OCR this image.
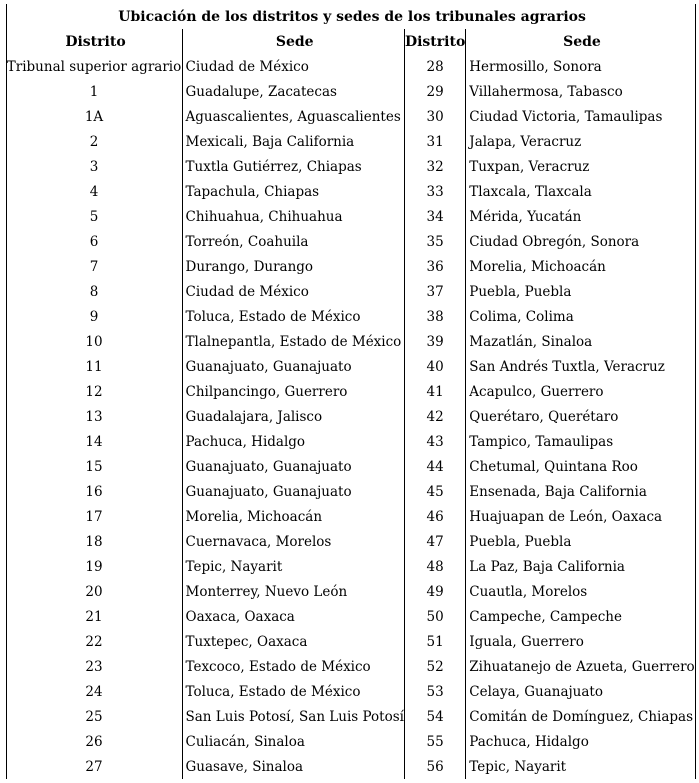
	Ubicación de los distritos y sedes de los tribunales agrarios			
	Distrito	Sede	Distrito	Sede
	Tribunal superior agrario	Ciudad de México	28	Hermosillo, Sonora
	1	Guadalupe, Zacatecas	29	Villahermosa, Tabasco
	1A	Aguascalientes, Aguascalientes	30	Ciudad Victoria, Tamaulipas
	2	Mexicali, Baja California	31	Jalapa, Veracruz
	3	Tuxtla Gutiérrez, Chiapas	32	Tuxpan, Veracruz
	4	Tapachula, Chiapas	33	Tlaxcala, Tlaxcala
	5	Chihuahua, Chihuahua	34	Mérida, Yucatán
	6	Torreón, Coahuila	35	Ciudad Obregón, Sonora
	7	Durango, Durango	36	Morelia, Michoacán
	8	Ciudad de México	37	Puebla, Puebla
	9	Toluca, Estado de México	38	Colima, Colima
	10	Tlalnepantla, Estado de México	39	Mazatlán, Sinaloa
	11	Guanajuato, Guanajuato	40	San Andrés Tuxtla, Veracruz
	12	Chilpancingo, Guerrero	41	Acapulco, Guerrero
	13	Guadalajara, Jalisco	42	Querétaro, Querétaro
	14	Pachuca, Hidalgo	43	Tampico, Tamaulipas
	15	Guanajuato, Guanajuato	44	Chetumal, Quintana Roo
	16	Guanajuato, Guanajuato	45	Ensenada, Baja California
	17	Morelia, Michoacán	46	Huajuapan de León, Oaxaca
	18	Cuernavaca, Morelos	47	Puebla, Puebla
	19	Tepic, Nayarit	48	La Paz, Baja California
	20	Monterrey, Nuevo León	49	Cuautla, Morelos
	21	Oaxaca, Oaxaca	50	Campeche, Campeche
	22	Tuxtepec, Oaxaca	51	Iguala, Guerrero
	23	Texcoco, Estado de México	52	Zihuatanejo de Azueta, Guerrero
	24	Toluca, Estado de México	53	Celaya, Guanajuato
	25	San Luis Potosí, San Luis Potosí	54	Comitán de Domínguez, Chiapas
	26	Culiacán, Sinaloa	55	Pachuca, Hidalgo
	27	Guasave, Sinaloa	56	Tepic, Nayarit
